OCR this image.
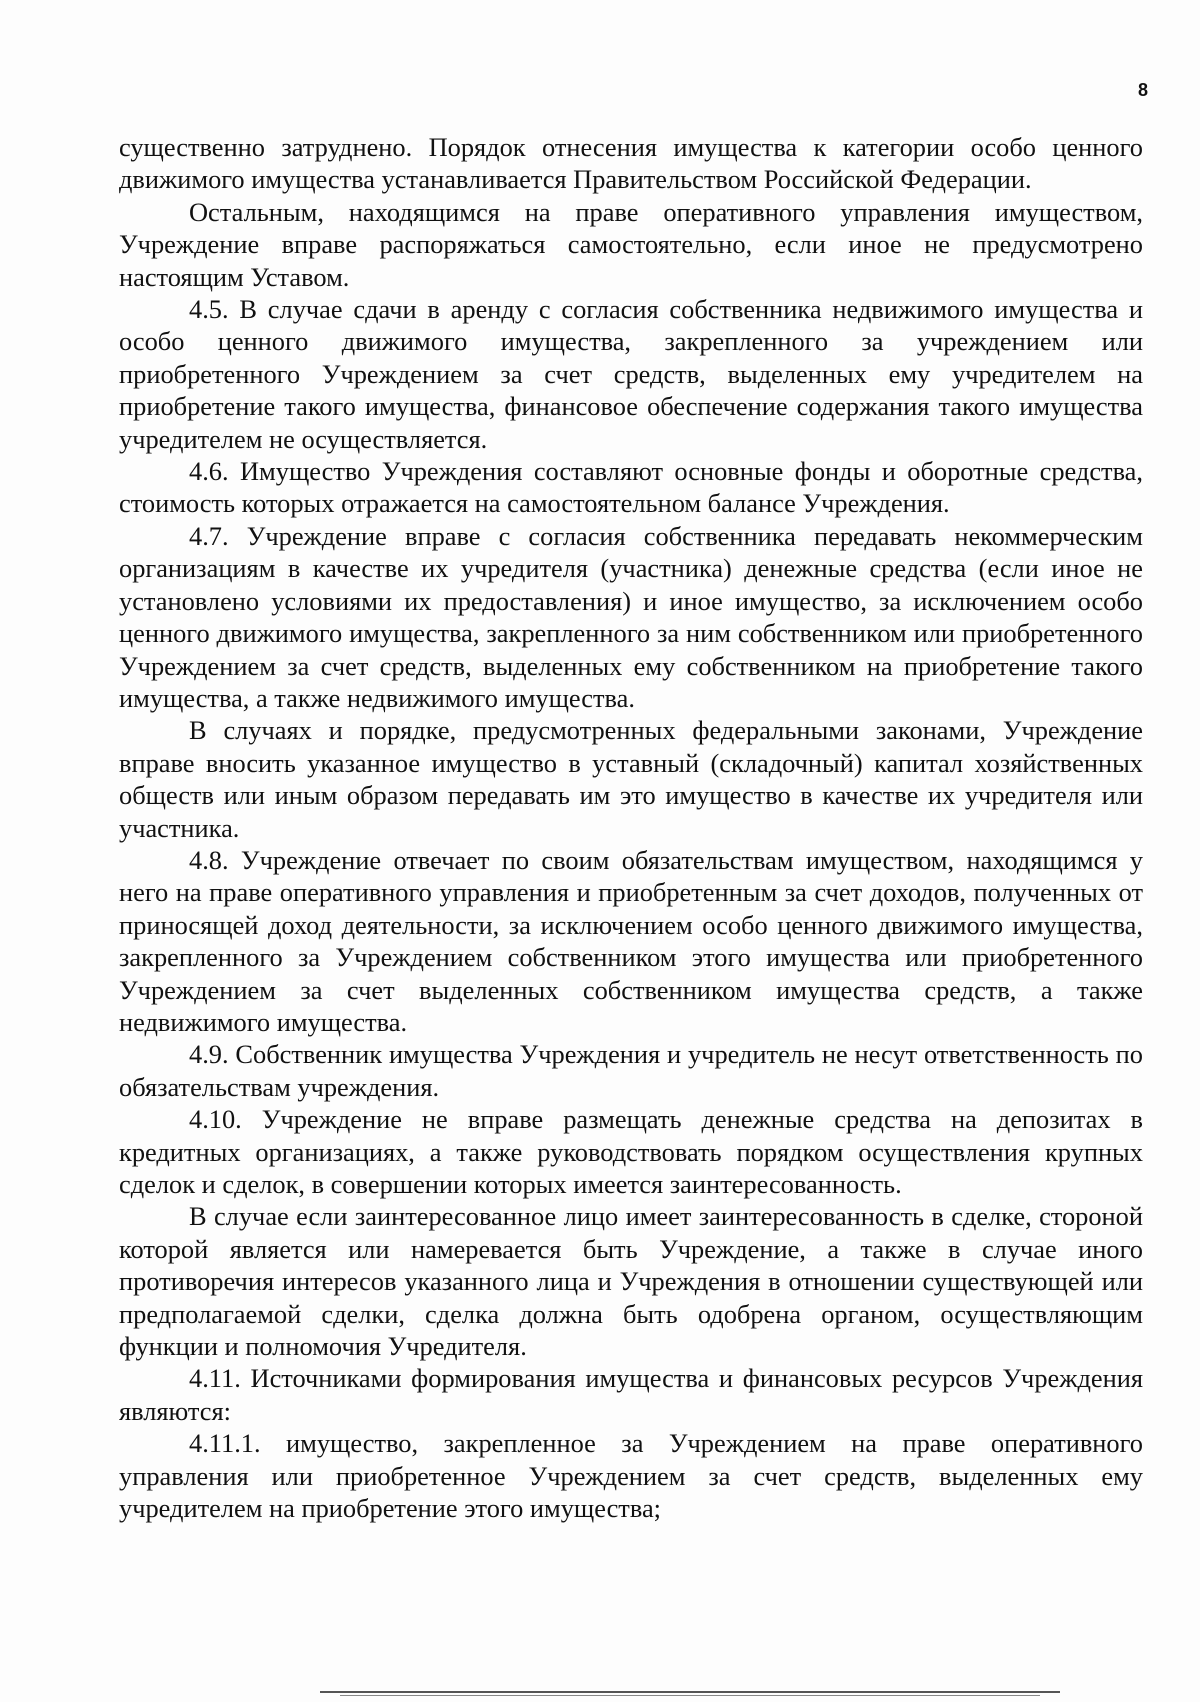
8

существенно затруднено. Порядок отнесения имущества к категории особо ценного движимого имущества устанавливается Правительством Российской Федерации.

Остальным, находящимся на праве оперативного управления имуществом, Учреждение вправе распоряжаться самостоятельно, если иное не предусмотрено настоящим Уставом.

4.5. В случае сдачи в аренду с согласия собственника недвижимого имущества и особо ценного движимого имущества, закрепленного за учреждением или приобретенного Учреждением за счет средств, выделенных ему учредителем на приобретение такого имущества, финансовое обеспечение содержания такого имущества учредителем не осуществляется.

4.6. Имущество Учреждения составляют основные фонды и оборотные средства, стоимость которых отражается на самостоятельном балансе Учреждения.

4.7. Учреждение вправе с согласия собственника передавать некоммерческим организациям в качестве их учредителя (участника) денежные средства (если иное не установлено условиями их предоставления) и иное имущество, за исключением особо ценного движимого имущества, закрепленного за ним собственником или приобретенного Учреждением за счет средств, выделенных ему собственником на приобретение такого имущества, а также недвижимого имущества.

В случаях и порядке, предусмотренных федеральными законами, Учреждение вправе вносить указанное имущество в уставный (складочный) капитал хозяйственных обществ или иным образом передавать им это имущество в качестве их учредителя или участника.

4.8. Учреждение отвечает по своим обязательствам имуществом, находящимся у него на праве оперативного управления и приобретенным за счет доходов, полученных от приносящей доход деятельности, за исключением особо ценного движимого имущества, закрепленного за Учреждением собственником этого имущества или приобретенного Учреждением за счет выделенных собственником имущества средств, а также недвижимого имущества.

4.9. Собственник имущества Учреждения и учредитель не несут ответственность по обязательствам учреждения.

4.10. Учреждение не вправе размещать денежные средства на депозитах в кредитных организациях, а также руководствовать порядком осуществления крупных сделок и сделок, в совершении которых имеется заинтересованность.

В случае если заинтересованное лицо имеет заинтересованность в сделке, стороной которой является или намеревается быть Учреждение, а также в случае иного противоречия интересов указанного лица и Учреждения в отношении существующей или предполагаемой сделки, сделка должна быть одобрена органом, осуществляющим функции и полномочия Учредителя.

4.11. Источниками формирования имущества и финансовых ресурсов Учреждения являются:

4.11.1. имущество, закрепленное за Учреждением на праве оперативного управления или приобретенное Учреждением за счет средств, выделенных ему учредителем на приобретение этого имущества;
